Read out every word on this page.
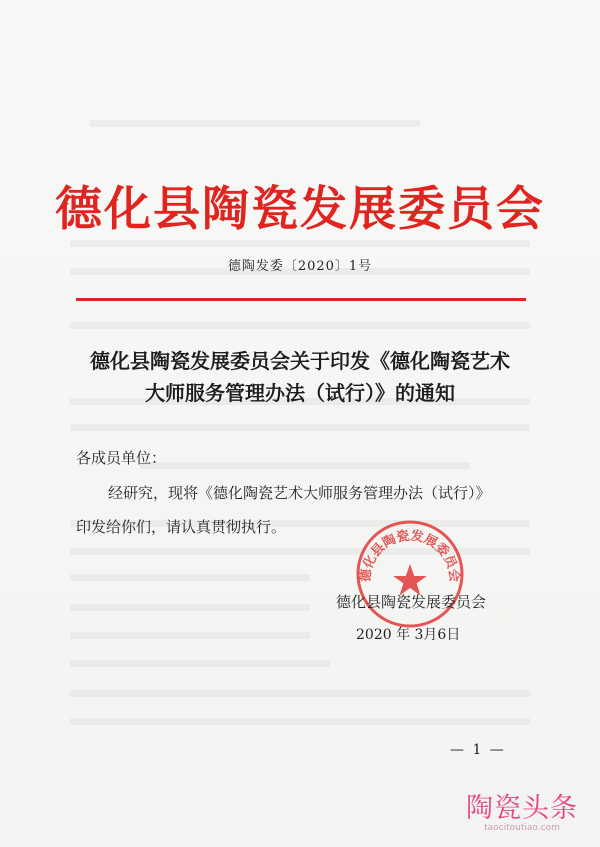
德化县陶瓷发展委员会
德陶发委〔2020〕1号
德化县陶瓷发展委员会关于印发《德化陶瓷艺术
大师服务管理办法（试行）》的通知
各成员单位：
经研究，现将《德化陶瓷艺术大师服务管理办法（试行）》
印发给你们，请认真贯彻执行。
德化县陶瓷发展委员会
德化县陶瓷发展委员会
2020 年 3月6日
— 1 —
陶瓷头条
taocitoutiao.com
